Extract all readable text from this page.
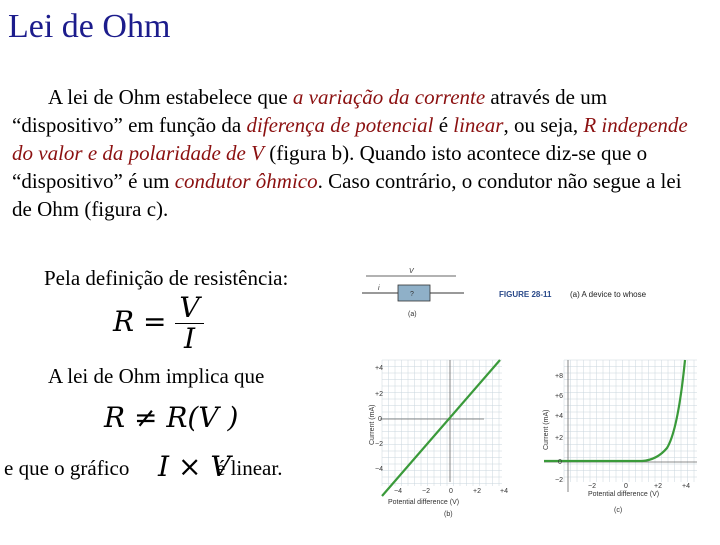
Lei de Ohm
A lei de Ohm estabelece que a variação da corrente através de um “dispositivo” em função da diferença de potencial é linear, ou seja, R independe do valor e da polaridade de V (figura b). Quando isto acontece diz-se que o “dispositivo” é um condutor ôhmico. Caso contrário, o condutor não segue a lei de Ohm (figura c).
Pela definição de resistência:
$R = \frac{V}{I}$
A lei de Ohm implica que
R ≠ R(V )
e que o gráfico I × V
é linear.
V
?
i
(a)
Current (mA)
Potential difference (V)
(b)
+4
+2
0
−2
−4
−4	−2	0	+2	+4
Current (mA)
Potential difference (V)
(c)
+8
+6
+4
+2
0
−2
−2	0	+2	+4
FIGURE 28-11 (a) A device to whose
